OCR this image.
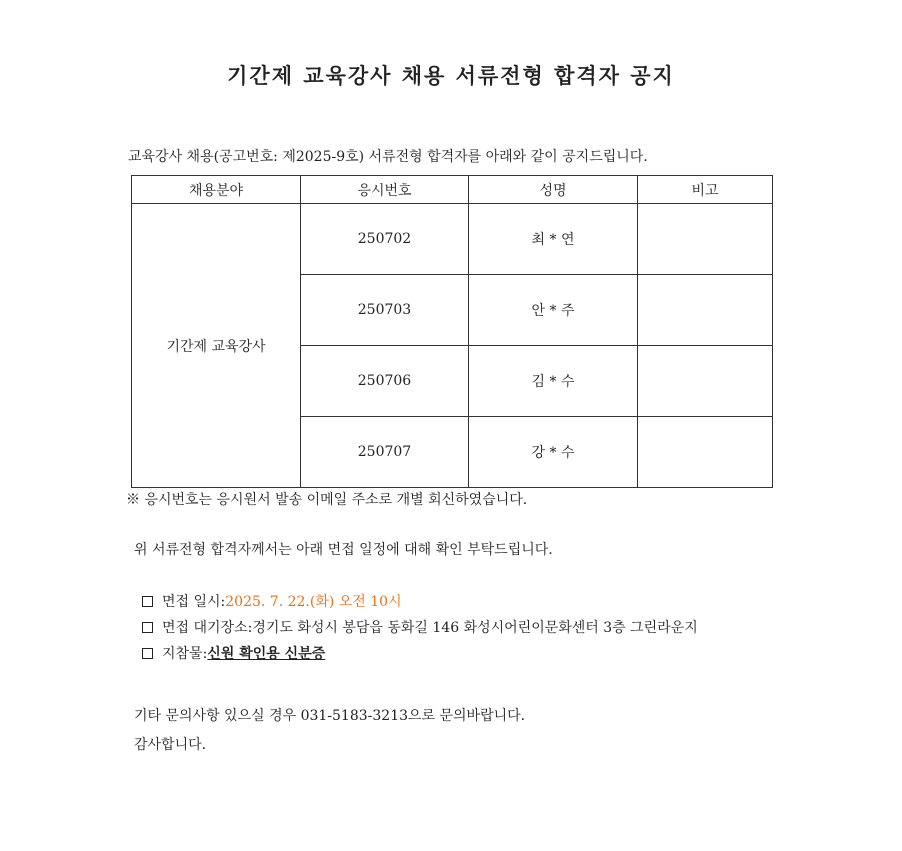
기간제 교육강사 채용 서류전형 합격자 공지
교육강사 채용(공고번호: 제2025-9호) 서류전형 합격자를 아래와 같이 공지드립니다.
채용분야	응시번호	성명	비고
기간제 교육강사	250702	최 * 연	
	250703	안 * 주	
	250706	김 * 수	
	250707	강 * 수	
※ 응시번호는 응시원서 발송 이메일 주소로 개별 회신하였습니다.
위 서류전형 합격자께서는 아래 면접 일정에 대해 확인 부탁드립니다.
면접 일시: 2025. 7. 22.(화) 오전 10시
면접 대기장소: 경기도 화성시 봉담읍 동화길 146 화성시어린이문화센터 3층 그린라운지
지참물: 신원 확인용 신분증
기타 문의사항 있으실 경우 031-5183-3213으로 문의바랍니다.
감사합니다.
